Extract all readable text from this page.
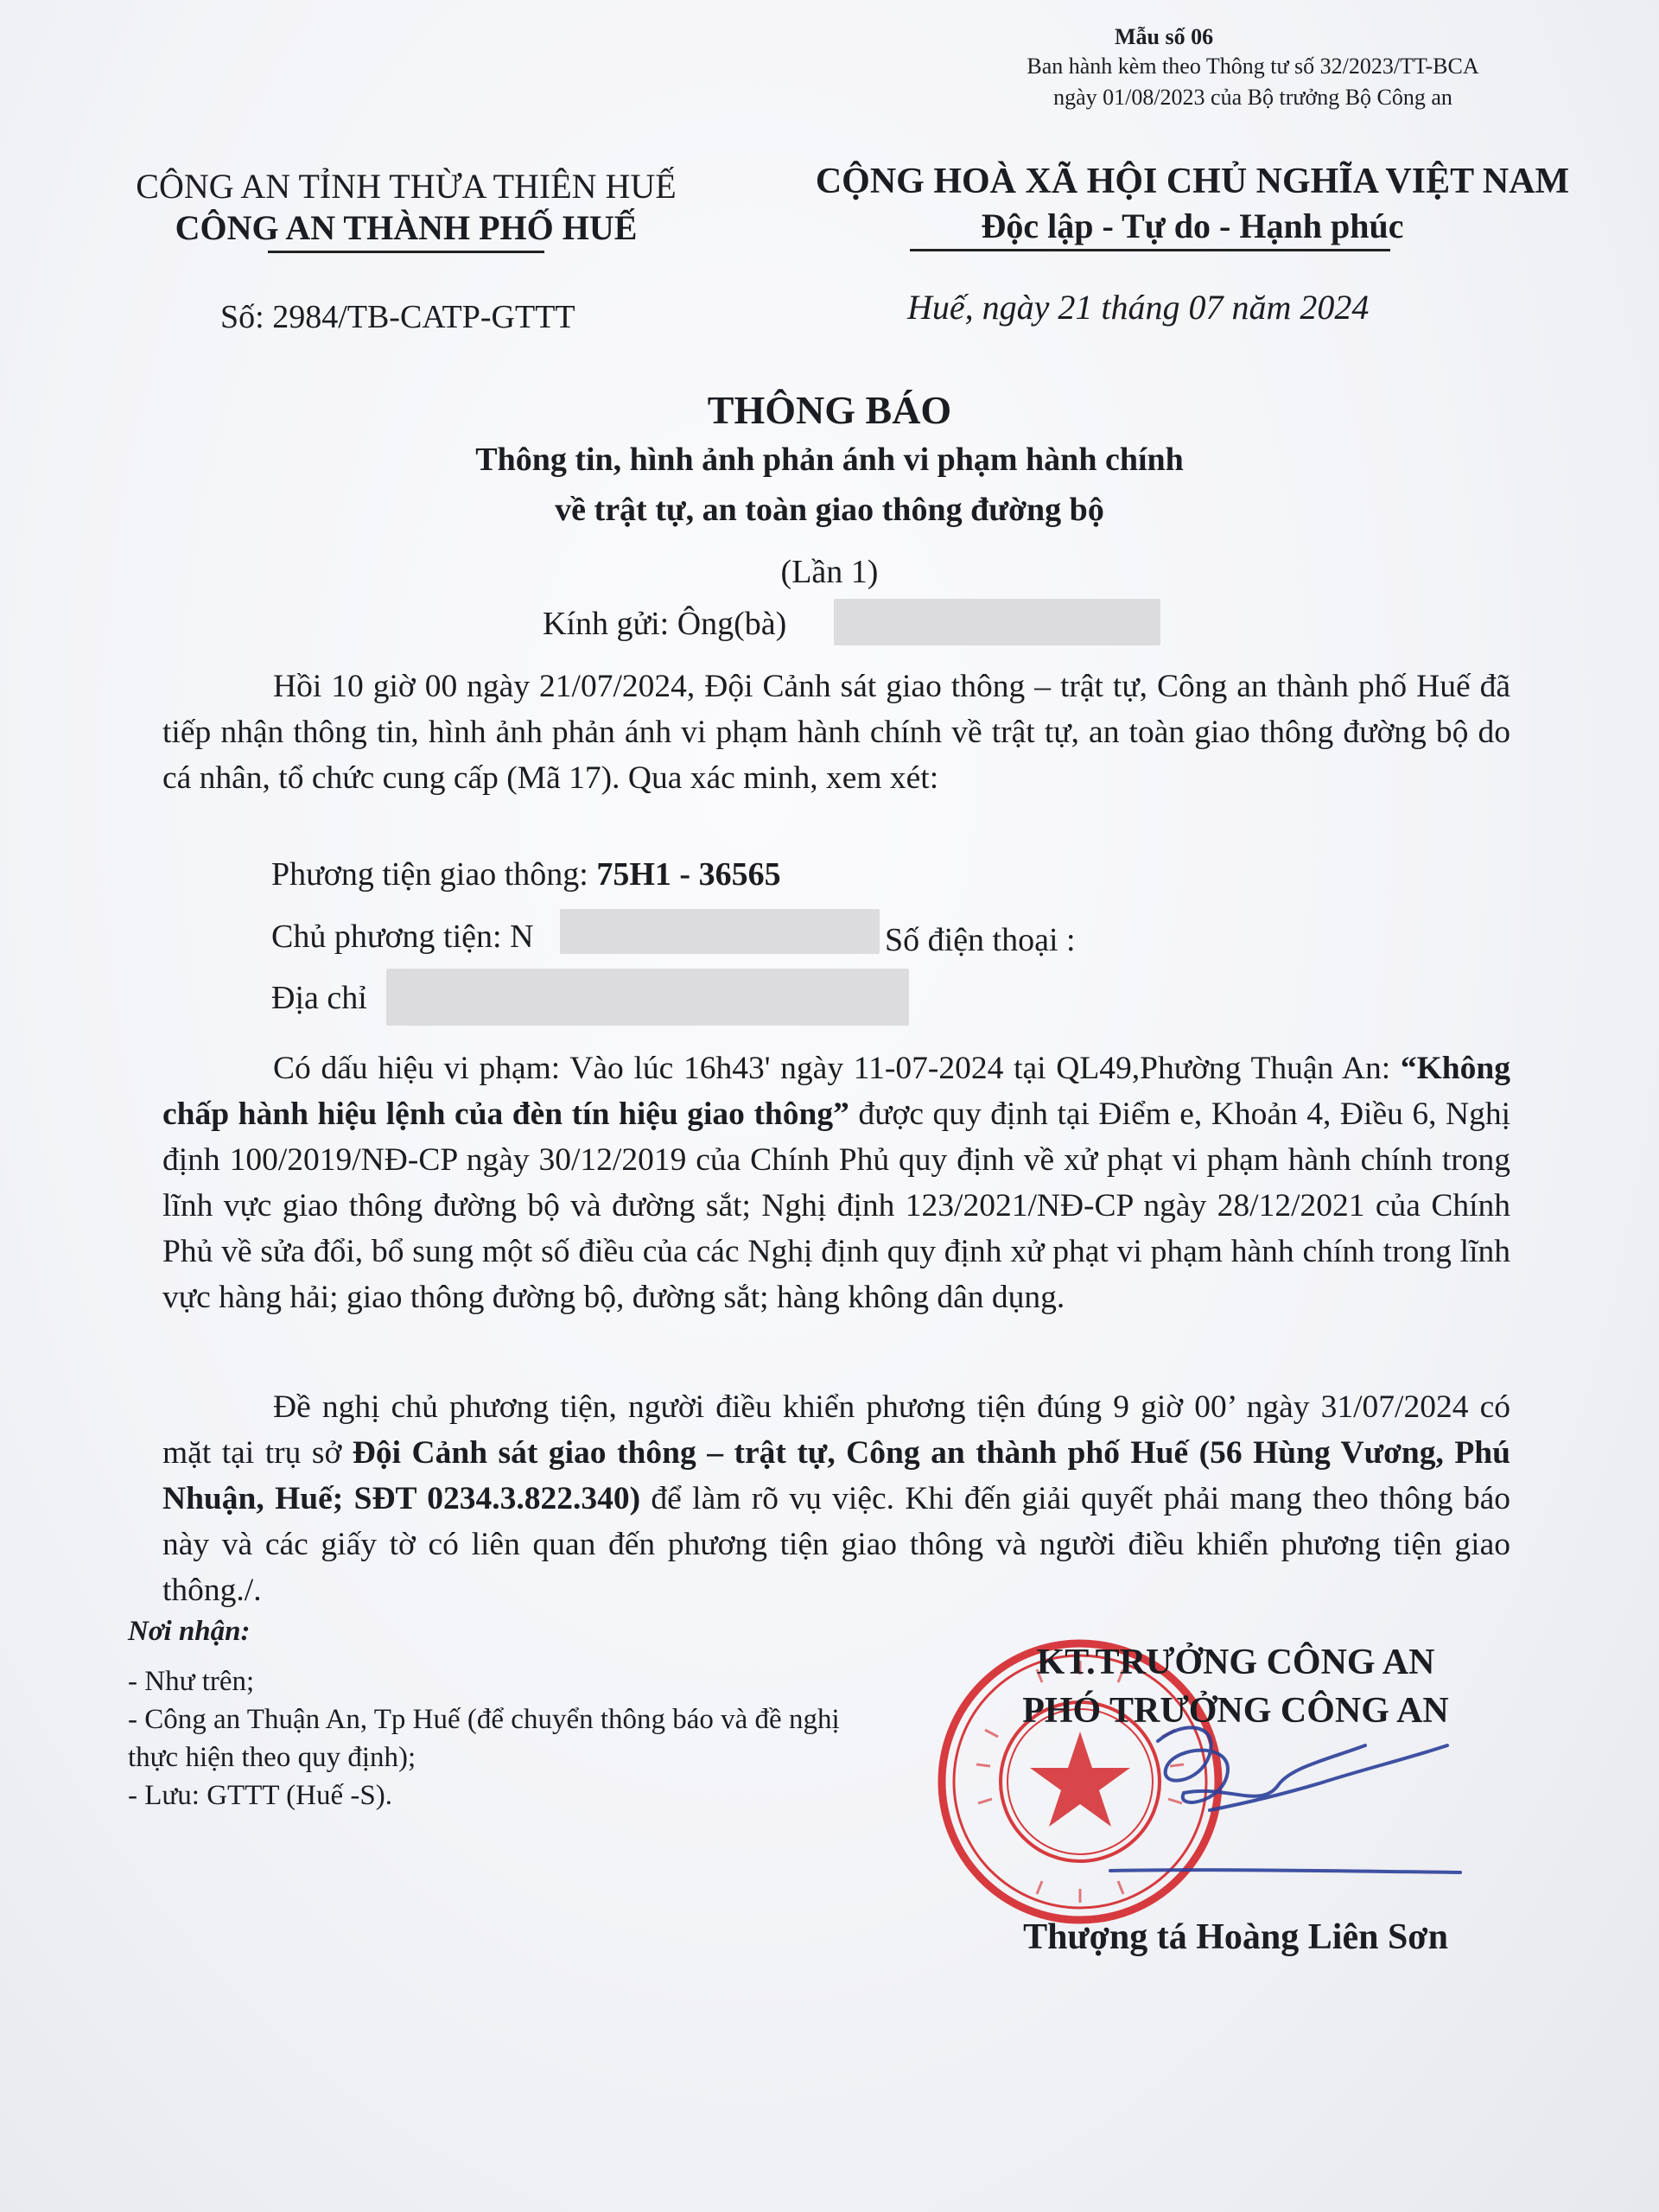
Mẫu số 06
Ban hành kèm theo Thông tư số 32/2023/TT-BCA
ngày 01/08/2023 của Bộ trưởng Bộ Công an
CÔNG AN TỈNH THỪA THIÊN HUẾ
CÔNG AN THÀNH PHỐ HUẾ
Số: 2984/TB-CATP-GTTT
CỘNG HOÀ XÃ HỘI CHỦ NGHĨA VIỆT NAM
Độc lập - Tự do - Hạnh phúc
Huế, ngày 21 tháng 07 năm 2024
THÔNG BÁO
Thông tin, hình ảnh phản ánh vi phạm hành chính
về trật tự, an toàn giao thông đường bộ
(Lần 1)
Kính gửi: Ông(bà)

Hồi 10 giờ 00 ngày 21/07/2024, Đội Cảnh sát giao thông – trật tự, Công an thành phố Huế đã tiếp nhận thông tin, hình ảnh phản ánh vi phạm hành chính về trật tự, an toàn giao thông đường bộ do cá nhân, tổ chức cung cấp (Mã 17). Qua xác minh, xem xét:

Phương tiện giao thông: 75H1 - 36565
Chủ phương tiện: N	Số điện thoại :
Địa chỉ

Có dấu hiệu vi phạm: Vào lúc 16h43' ngày 11-07-2024 tại QL49,Phường Thuận An: “Không chấp hành hiệu lệnh của đèn tín hiệu giao thông” được quy định tại Điểm e, Khoản 4, Điều 6, Nghị định 100/2019/NĐ-CP ngày 30/12/2019 của Chính Phủ quy định về xử phạt vi phạm hành chính trong lĩnh vực giao thông đường bộ và đường sắt; Nghị định 123/2021/NĐ-CP ngày 28/12/2021 của Chính Phủ về sửa đổi, bổ sung một số điều của các Nghị định quy định xử phạt vi phạm hành chính trong lĩnh vực hàng hải; giao thông đường bộ, đường sắt; hàng không dân dụng.

Đề nghị chủ phương tiện, người điều khiển phương tiện đúng 9 giờ 00’ ngày 31/07/2024 có mặt tại trụ sở Đội Cảnh sát giao thông – trật tự, Công an thành phố Huế (56 Hùng Vương, Phú Nhuận, Huế; SĐT 0234.3.822.340) để làm rõ vụ việc. Khi đến giải quyết phải mang theo thông báo này và các giấy tờ có liên quan đến phương tiện giao thông và người điều khiển phương tiện giao thông./.

Nơi nhận:
- Như trên;
- Công an Thuận An, Tp Huế (để chuyển thông báo và đề nghị thực hiện theo quy định);
- Lưu: GTTT (Huế -S).
KT.TRƯỞNG CÔNG AN
PHÓ TRƯỞNG CÔNG AN
Thượng tá Hoàng Liên Sơn
